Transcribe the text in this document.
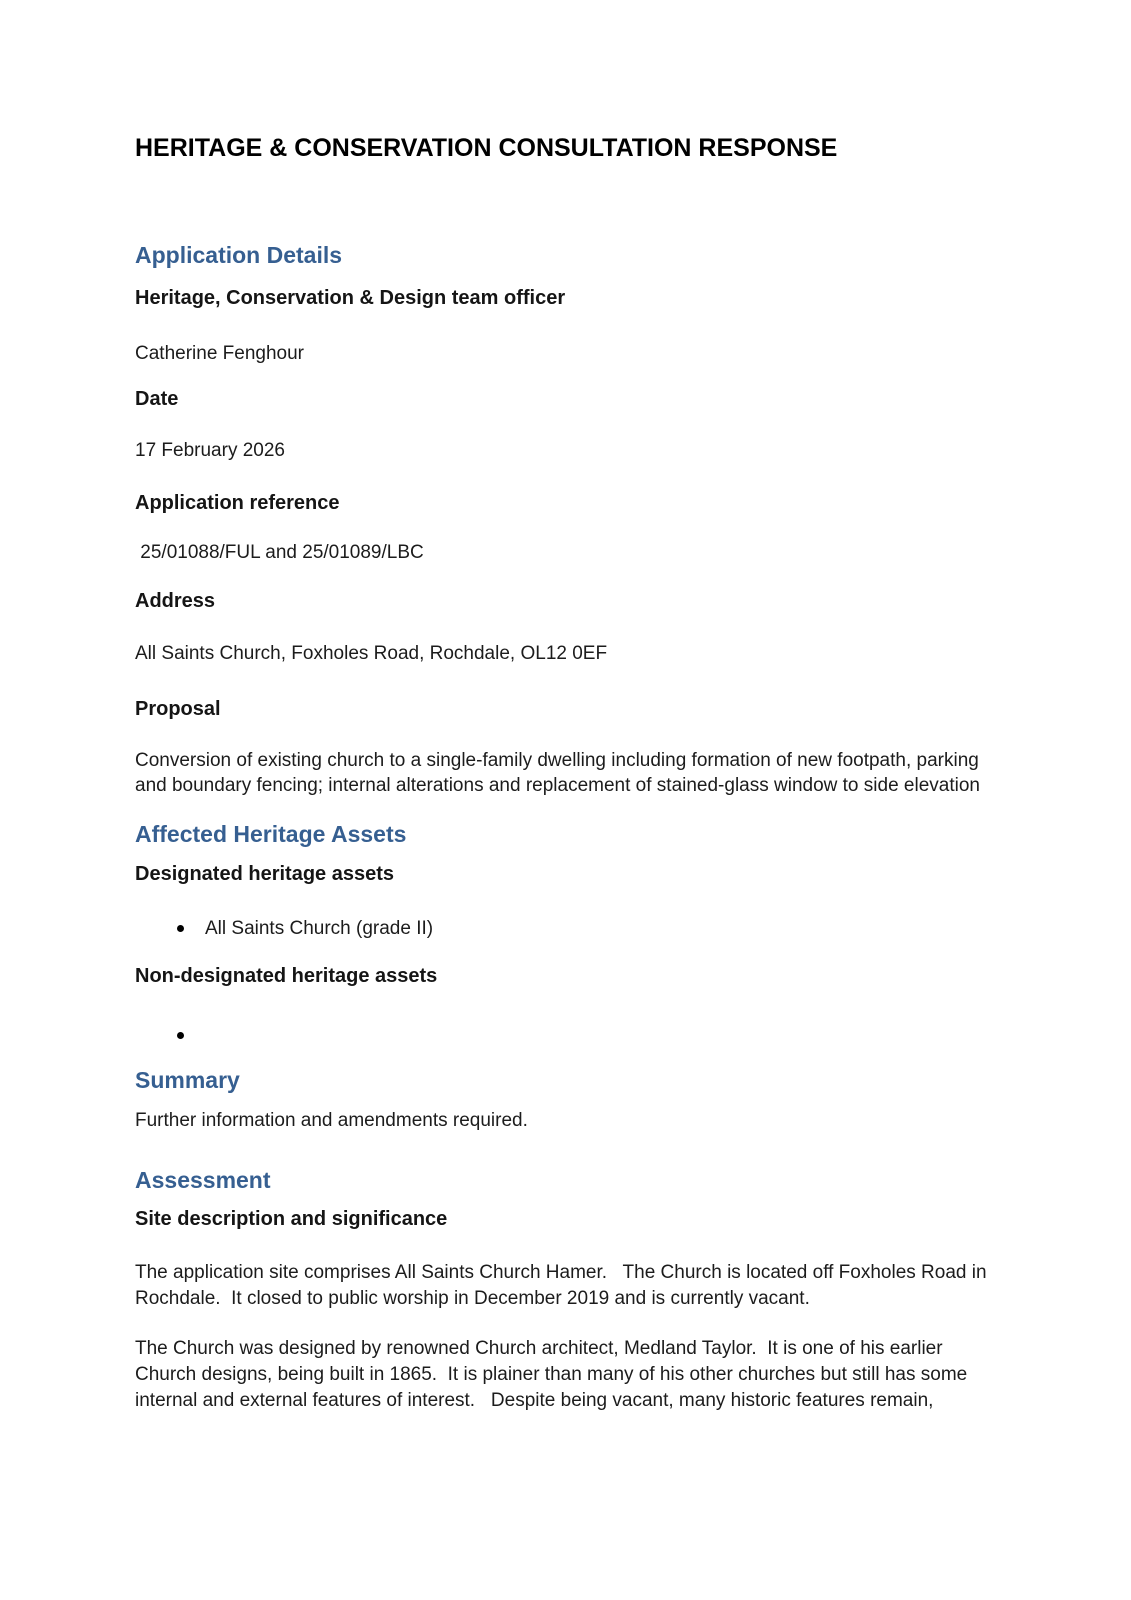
HERITAGE & CONSERVATION CONSULTATION RESPONSE
Application Details
Heritage, Conservation & Design team officer

Catherine Fenghour

Date

17 February 2026

Application reference

25/01088/FUL and 25/01089/LBC

Address

All Saints Church, Foxholes Road, Rochdale, OL12 0EF

Proposal

Conversion of existing church to a single-family dwelling including formation of new footpath, parking and boundary fencing; internal alterations and replacement of stained-glass window to side elevation

Affected Heritage Assets
Designated heritage assets
All Saints Church (grade II)
Non-designated heritage assets
Summary

Further information and amendments required.

Assessment
Site description and significance

The application site comprises All Saints Church Hamer.   The Church is located off Foxholes Road in Rochdale.  It closed to public worship in December 2019 and is currently vacant.

The Church was designed by renowned Church architect, Medland Taylor.  It is one of his earlier Church designs, being built in 1865.  It is plainer than many of his other churches but still has some internal and external features of interest.   Despite being vacant, many historic features remain,
